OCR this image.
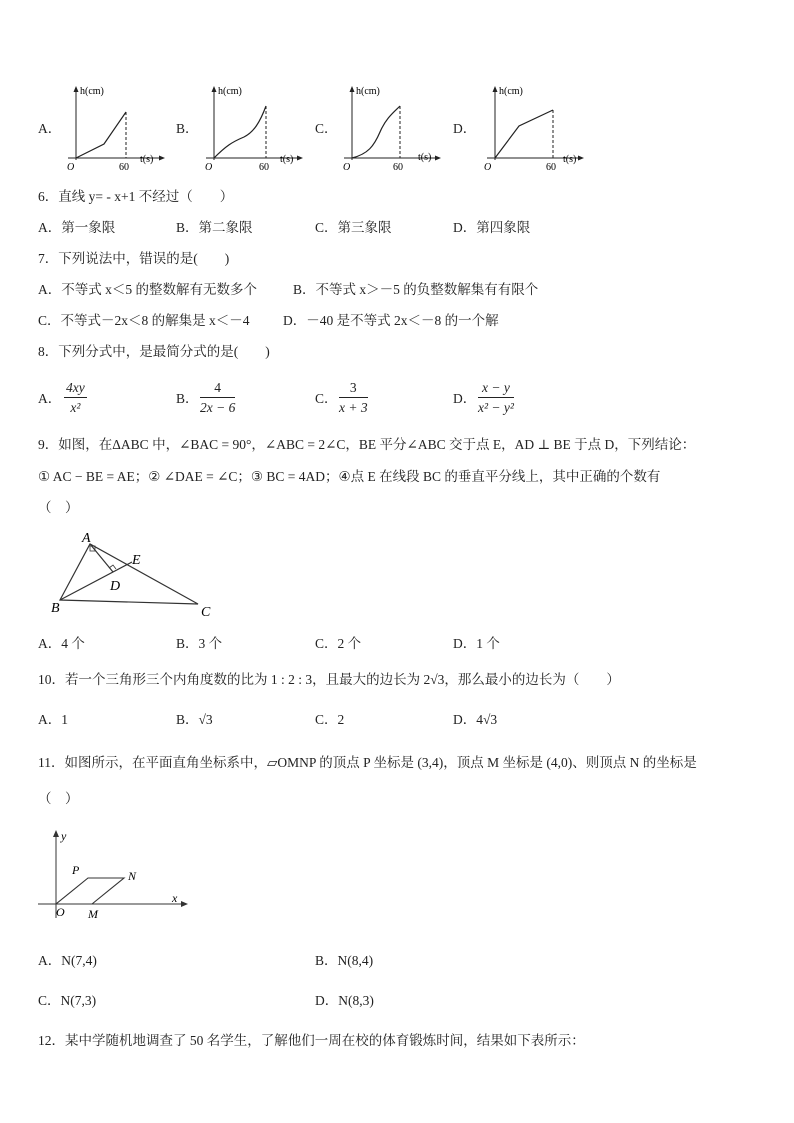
A．
h(cm)
t(s)
O	60
B．
h(cm)
t(s)
O	60
C．
h(cm)
t(s)
O	60
D．
h(cm)
t(s)
O	60
6．直线 y= - x+1 不经过（　　）
A．第一象限	B．第二象限	C．第三象限	D．第四象限
7．下列说法中，错误的是(　　)
A．不等式 x＜5 的整数解有无数多个	B．不等式 x＞－5 的负整数解集有有限个
C．不等式－2x＜8 的解集是 x＜－4 D．－40 是不等式 2x＜－8 的一个解
8．下列分式中，是最简分式的是(　　)
A． $\frac{4xy}{\text{x²}}$	B． $\frac{4}{2x - 6}$	C． $\frac{3}{x + 3}$	D． $\frac{x - y}{\text{x² − y²}}$
9．如图，在ΔABC 中，∠BAC = 90°，∠ABC = 2∠C，BE 平分∠ABC 交于点 E，AD ⊥ BE 于点 D，下列结论：
① AC − BE = AE；② ∠DAE = ∠C；③ BC = 4AD；④点 E 在线段 BC 的垂直平分线上，其中正确的个数有
（　）
A
B	C
D
E
A．4 个	B．3 个	C．2 个	D．1 个
10．若一个三角形三个内角度数的比为 1 : 2 : 3，且最大的边长为 2√3，那么最小的边长为（　　）
A．1	B．√3	C．2	D．4√3
11．如图所示，在平面直角坐标系中，▱OMNP 的顶点 P 坐标是 (3,4)，顶点 M 坐标是 (4,0)、则顶点 N 的坐标是
（　）
y
x
O M
N
P
A．N(7,4)	B．N(8,4)
C．N(7,3)	D．N(8,3)
12．某中学随机地调查了 50 名学生，了解他们一周在校的体育锻炼时间，结果如下表所示：
